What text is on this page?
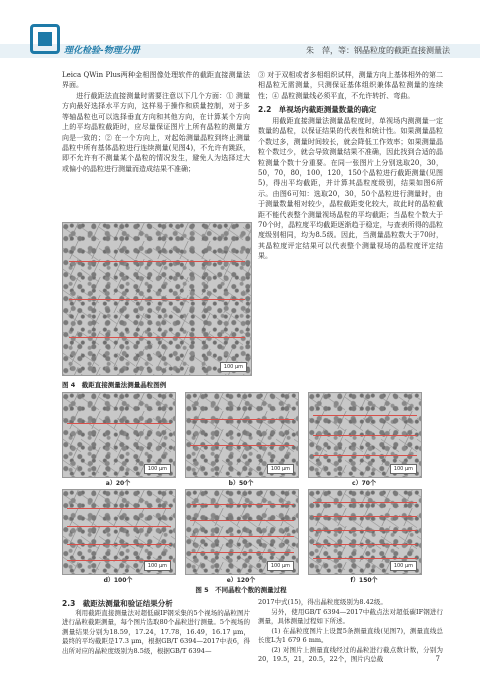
理化检验-物理分册	朱　萍，等：钢晶粒度的截距直接测量法
Leica QWin Plus两种金相图像处理软件的截距直接测量法界面。
　　进行截距法直接测量时需要注意以下几个方面：① 测量方向最好选择水平方向，这样易于操作和质量控制，对于多等轴晶粒也可以选择垂直方向和其他方向，在计算某个方向上的平均晶粒截距时，应尽量保证图片上所有晶粒的测量方向是一致的；② 在一个方向上，对起始测量晶粒到终止测量晶粒中所有基体晶粒进行连续测量(见图4)，不允许有跳跃，即不允许有不测量某个晶粒的情况发生，避免人为选择过大或偏小的晶粒进行测量而造成结果不准确；
③ 对于双相或者多相组织试样，测量方向上基体相外的第二相晶粒无需测量，只测保证基体组织兼体晶粒测量的连续性；④ 晶粒测量线必须平直，不允许转折、弯曲。
2.2　单视场内截距测量数量的确定
　　用截距直接测量法测量晶粒度时，单视场内测测量一定数量的晶粒，以保证结果的代表性和统计性。如果测量晶粒个数过多，测量时间较长，就会降低工作效率；如果测量晶粒个数过少，就会导致测量结果不准确，因此找到合适的晶粒测量个数十分重要。在同一张图片上分别选取20，30，50，70，80，100，120，150个晶粒进行截距测量(见图5)，得出平均截距，并计算其晶粒度级别，结果如图6所示。由图6可知：选取20，30，50个晶粒进行测量时，由于测量数量相对较少，晶粒截距变化较大，故此时的晶粒截距不能代表整个测量视场晶粒的平均截距；当晶粒个数大于70个时，晶粒度平均截距逐渐趋于稳定，与查表所得的晶粒度级别相同，均为8.5级。因此，当测量晶粒数大于70时，其晶粒度评定结果可以代表整个测量视场的晶粒度评定结果。
100 μm
图 4　截距直接测量法测量晶粒图例
100 μm	100 μm	100 μm
a）20个	b）50个	c）70个
100 μm	100 μm	100 μm
2.3　截距法测量和验证结果分析
　　利用截距直接测量法对超低碳IF钢采集的5个视场的晶粒图片进行晶粒截距测量，每个图片选取80个晶粒进行测量。5个视场的测量结果分别为18.59，17.24，17.78，16.49，16.17 μm，最终的平均截距是17.3 μm，根据GB/T 6394—2017中表6，得出所对应的晶粒度级别为8.5级，根据GB/T 6394—
2017中式(15)，得出晶粒度级别为8.42级。
　　另外，使用GB/T 6394—2017中截点法对超低碳IF钢进行测量，具体测量过程如下所述。
　　(1) 在晶粒度图片上设置5条测量直线(见图7)，测量直线总长度L为1 679 6 mm。
　　(2) 对图片上测量直线经过的晶粒进行截点数计数，分别为20，19.5，21，20.5，22个，图片内总截
d）100个	e）120个	f）150个
图 5　不同晶粒个数的测量过程
7
